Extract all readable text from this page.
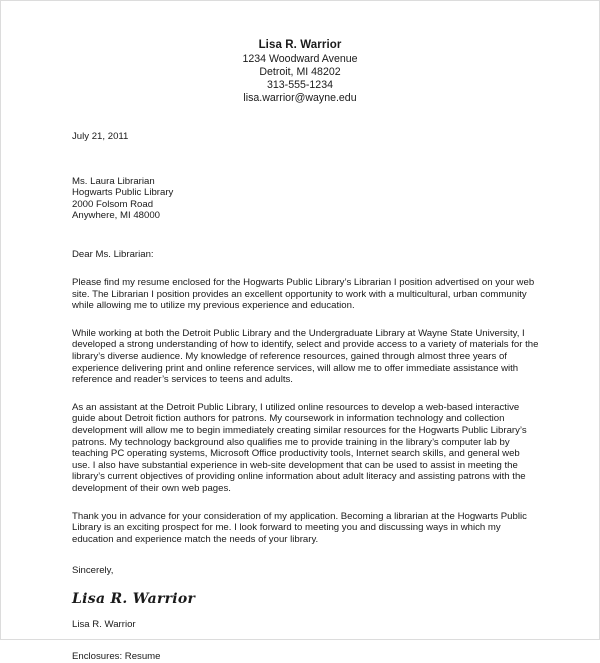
Lisa R. Warrior
1234 Woodward Avenue
Detroit, MI 48202
313-555-1234
lisa.warrior@wayne.edu
July 21, 2011
Ms. Laura Librarian
Hogwarts Public Library
2000 Folsom Road
Anywhere, MI 48000
Dear Ms. Librarian:

Please find my resume enclosed for the Hogwarts Public Library’s Librarian I position advertised on your web site. The Librarian I position provides an excellent opportunity to work with a multicultural, urban community while allowing me to utilize my previous experience and education.

While working at both the Detroit Public Library and the Undergraduate Library at Wayne State University, I developed a strong understanding of how to identify, select and provide access to a variety of materials for the library’s diverse audience. My knowledge of reference resources, gained through almost three years of experience delivering print and online reference services, will allow me to offer immediate assistance with reference and reader’s services to teens and adults.

As an assistant at the Detroit Public Library, I utilized online resources to develop a web-based interactive guide about Detroit fiction authors for patrons. My coursework in information technology and collection development will allow me to begin immediately creating similar resources for the Hogwarts Public Library’s patrons. My technology background also qualifies me to provide training in the library’s computer lab by teaching PC operating systems, Microsoft Office productivity tools, Internet search skills, and general web use. I also have substantial experience in web-site development that can be used to assist in meeting the library’s current objectives of providing online information about adult literacy and assisting patrons with the development of their own web pages.

Thank you in advance for your consideration of my application. Becoming a librarian at the Hogwarts Public Library is an exciting prospect for me. I look forward to meeting you and discussing ways in which my education and experience match the needs of your library.

Sincerely,
Lisa R. Warrior
Lisa R. Warrior
Enclosures: Resume
